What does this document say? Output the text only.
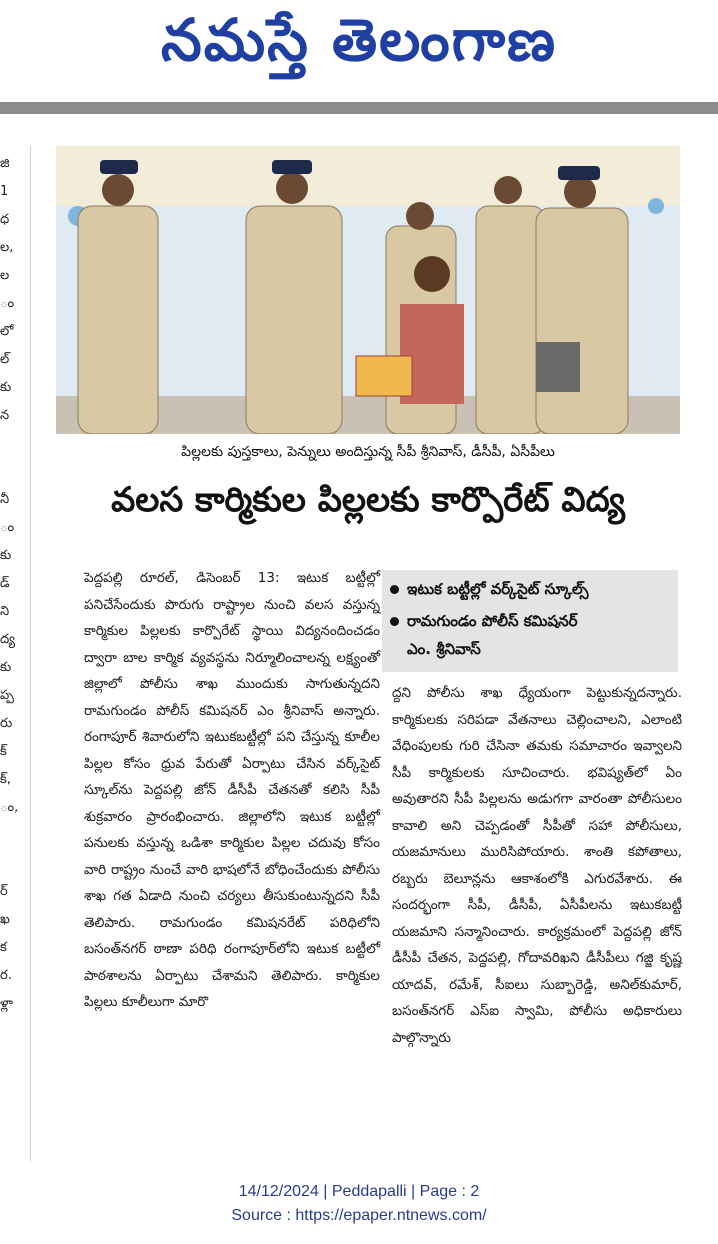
నమస్తే తెలంగాణ
జి
1
ధ
ల,
ల
ం
లో
ల్
కు
న
నీ
ం
కు
డ్
ని
ద్య
కు
ప్ప
రు
క్
క్,
ం,
ర్
ఖ
క
ర.
ళ్లా
పిల్లలకు పుస్తకాలు, పెన్నులు అందిస్తున్న సీపీ శ్రీనివాస్, డీసీపీ, ఏసీపీలు
వలస కార్మికుల పిల్లలకు కార్పొరేట్ విద్య

పెద్దపల్లి రూరల్, డిసెంబర్ 13: ఇటుక బట్టీల్లో పనిచేసేందుకు పొరుగు రాష్ట్రాల నుంచి వలస వస్తున్న కార్మికుల పిల్లలకు కార్పొరేట్ స్థాయి విద్యనందించడం ద్వారా బాల కార్మిక వ్యవస్థను నిర్మూలించాలన్న లక్ష్యంతో జిల్లాలో పోలీసు శాఖ ముందుకు సాగుతున్నదని రామగుండం పోలీస్ కమిషనర్ ఎం శ్రీనివాస్ అన్నారు. రంగాపూర్ శివారులోని ఇటుకబట్టీల్లో పని చేస్తున్న కూలీల పిల్లల కోసం ధ్రువ పేరుతో ఏర్పాటు చేసిన వర్క్‌సైట్ స్కూల్‌ను పెద్దపల్లి జోన్ డీసీపీ చేతనతో కలిసి సీపీ శుక్రవారం ప్రారంభించారు. జిల్లాలోని ఇటుక బట్టీల్లో పనులకు వస్తున్న ఒడిశా కార్మికుల పిల్లల చదువు కోసం వారి రాష్ట్రం నుంచే వారి భాషలోనే బోధించేందుకు పోలీసు శాఖ గత ఏడాది నుంచి చర్యలు తీసుకుంటున్నదని సీపీ తెలిపారు. రామగుండం కమిషనరేట్ పరిధిలోని బసంత్‌నగర్ ఠాణా పరిధి రంగాపూర్‌లోని ఇటుక బట్టీలో పాఠశాలను ఏర్పాటు చేశామని తెలిపారు. కార్మికుల పిల్లలు కూలీలుగా మారొ

ఇటుక బట్టీల్లో వర్క్‌సైట్ స్కూల్స్
రామగుండం పోలీస్ కమిషనర్
ఎం. శ్రీనివాస్

ద్దని పోలీసు శాఖ ధ్యేయంగా పెట్టుకున్నదన్నారు. కార్మికులకు సరిపడా వేతనాలు చెల్లించాలని, ఎలాంటి వేధింపులకు గురి చేసినా తమకు సమాచారం ఇవ్వాలని సీపీ కార్మికులకు సూచించారు. భవిష్యత్‌లో ఏం అవుతారని సీపీ పిల్లలను అడుగగా వారంతా పోలీసులం కావాలి అని చెప్పడంతో సీపీతో సహా పోలీసులు, యజమానులు మురిసిపోయారు. శాంతి కపోతాలు, రబ్బరు బెలూన్లను ఆకాశంలోకి ఎగురవేశారు. ఈ సందర్భంగా సీపీ, డీసీపీ, ఏసీపీలను ఇటుకబట్టీ యజమాని సన్మానించారు. కార్యక్రమంలో పెద్దపల్లి జోన్ డీసీపీ చేతన, పెద్దపల్లి, గోదావరిఖని డీసీపీలు గజ్జి కృష్ణ యాదవ్, రమేశ్, సీఐలు సుబ్బారెడ్డి, అనిల్‌కుమార్, బసంత్‌నగర్ ఎస్ఐ స్వామి, పోలీసు అధికారులు పాల్గొన్నారు

14/12/2024 | Peddapalli | Page : 2
Source : https://epaper.ntnews.com/
